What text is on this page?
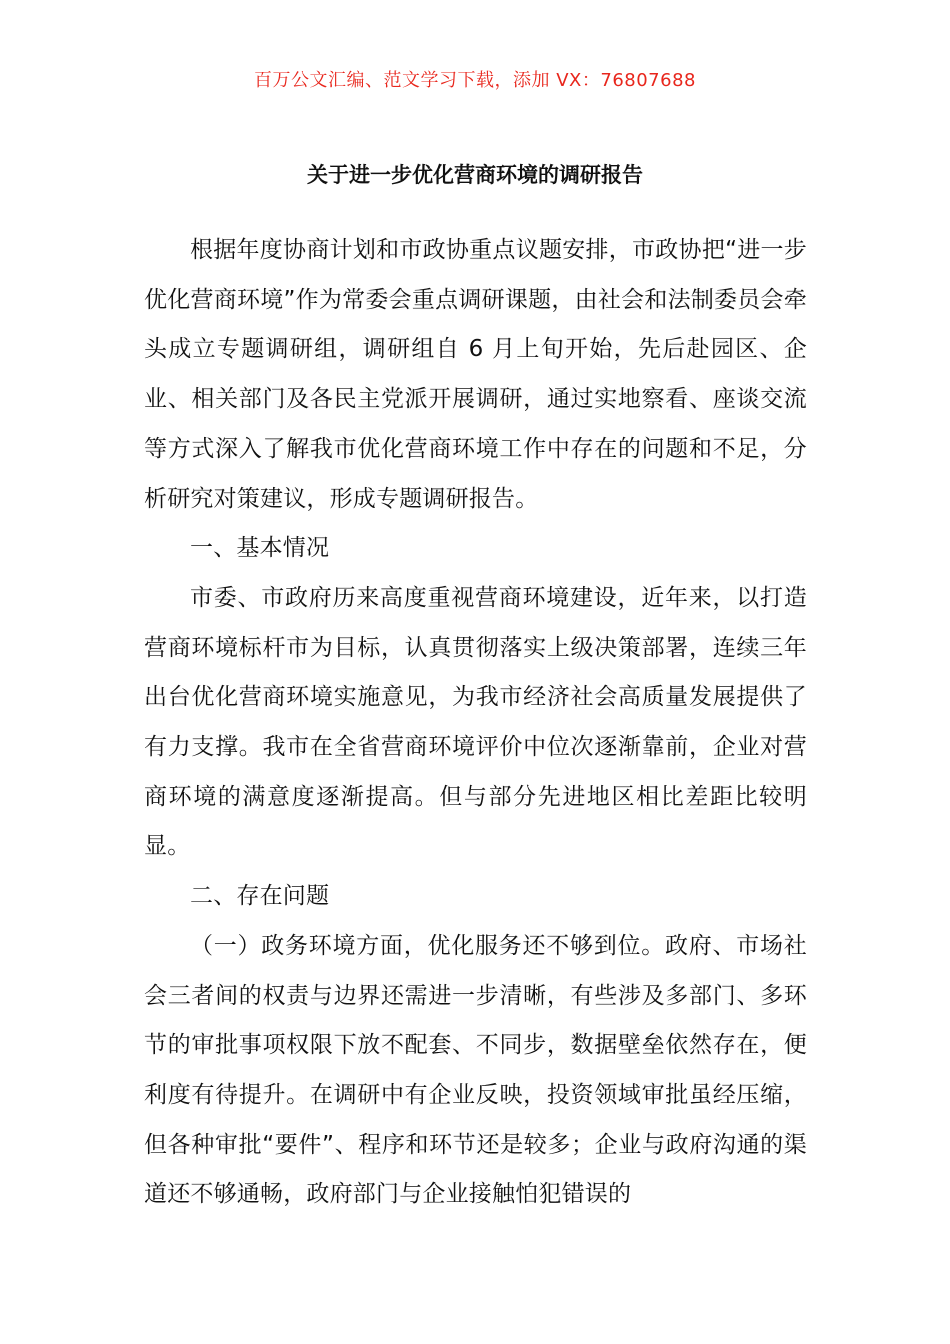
百万公文汇编、范文学习下载，添加 VX：76807688
关于进一步优化营商环境的调研报告

根据年度协商计划和市政协重点议题安排，市政协把“进一步优化营商环境”作为常委会重点调研课题，由社会和法制委员会牵头成立专题调研组，调研组自 6 月上旬开始，先后赴园区、企业、相关部门及各民主党派开展调研，通过实地察看、座谈交流等方式深入了解我市优化营商环境工作中存在的问题和不足，分析研究对策建议，形成专题调研报告。

一、基本情况

市委、市政府历来高度重视营商环境建设，近年来，以打造营商环境标杆市为目标，认真贯彻落实上级决策部署，连续三年出台优化营商环境实施意见，为我市经济社会高质量发展提供了有力支撑。我市在全省营商环境评价中位次逐渐靠前，企业对营商环境的满意度逐渐提高。但与部分先进地区相比差距比较明显。

二、存在问题

（一）政务环境方面，优化服务还不够到位。政府、市场社会三者间的权责与边界还需进一步清晰，有些涉及多部门、多环节的审批事项权限下放不配套、不同步，数据壁垒依然存在，便利度有待提升。在调研中有企业反映，投资领域审批虽经压缩，但各种审批“要件”、程序和环节还是较多；企业与政府沟通的渠道还不够通畅，政府部门与企业接触怕犯错误的
